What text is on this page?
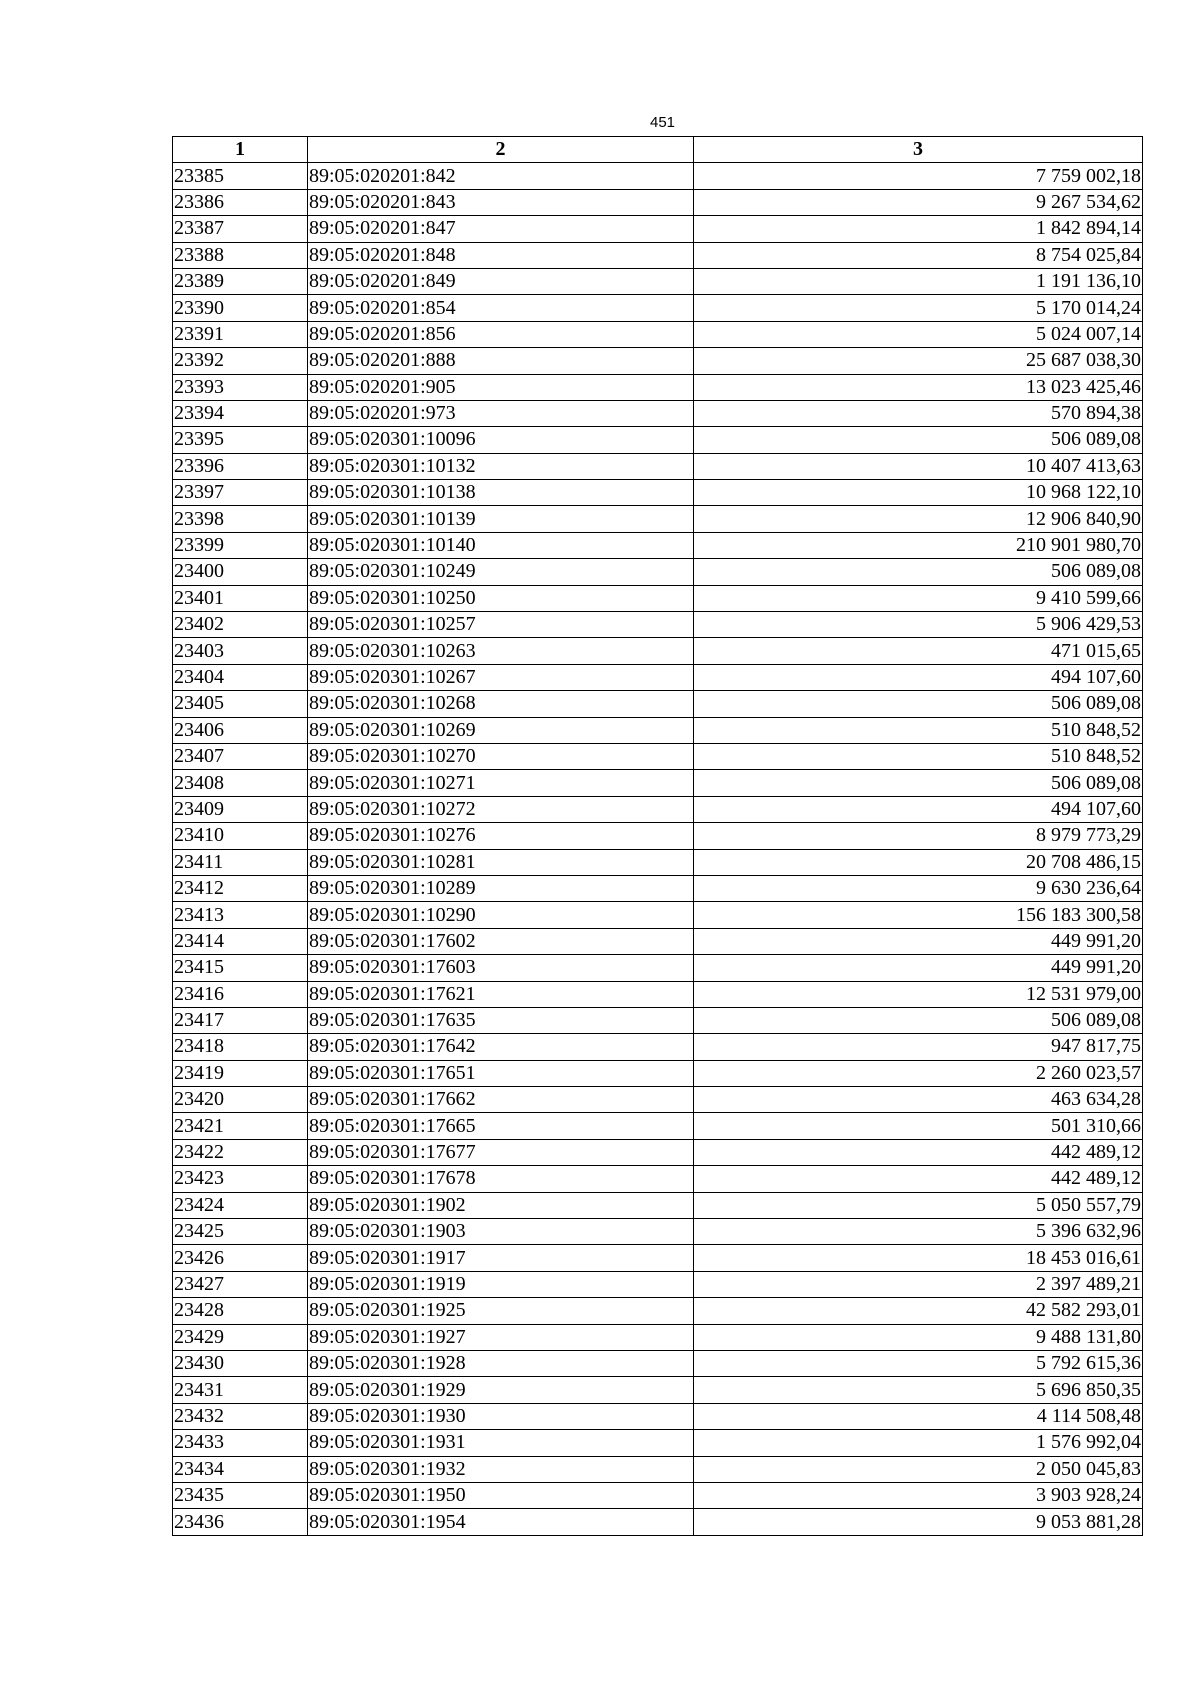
451
1	2	3
23385	89:05:020201:842	7 759 002,18
23386	89:05:020201:843	9 267 534,62
23387	89:05:020201:847	1 842 894,14
23388	89:05:020201:848	8 754 025,84
23389	89:05:020201:849	1 191 136,10
23390	89:05:020201:854	5 170 014,24
23391	89:05:020201:856	5 024 007,14
23392	89:05:020201:888	25 687 038,30
23393	89:05:020201:905	13 023 425,46
23394	89:05:020201:973	570 894,38
23395	89:05:020301:10096	506 089,08
23396	89:05:020301:10132	10 407 413,63
23397	89:05:020301:10138	10 968 122,10
23398	89:05:020301:10139	12 906 840,90
23399	89:05:020301:10140	210 901 980,70
23400	89:05:020301:10249	506 089,08
23401	89:05:020301:10250	9 410 599,66
23402	89:05:020301:10257	5 906 429,53
23403	89:05:020301:10263	471 015,65
23404	89:05:020301:10267	494 107,60
23405	89:05:020301:10268	506 089,08
23406	89:05:020301:10269	510 848,52
23407	89:05:020301:10270	510 848,52
23408	89:05:020301:10271	506 089,08
23409	89:05:020301:10272	494 107,60
23410	89:05:020301:10276	8 979 773,29
23411	89:05:020301:10281	20 708 486,15
23412	89:05:020301:10289	9 630 236,64
23413	89:05:020301:10290	156 183 300,58
23414	89:05:020301:17602	449 991,20
23415	89:05:020301:17603	449 991,20
23416	89:05:020301:17621	12 531 979,00
23417	89:05:020301:17635	506 089,08
23418	89:05:020301:17642	947 817,75
23419	89:05:020301:17651	2 260 023,57
23420	89:05:020301:17662	463 634,28
23421	89:05:020301:17665	501 310,66
23422	89:05:020301:17677	442 489,12
23423	89:05:020301:17678	442 489,12
23424	89:05:020301:1902	5 050 557,79
23425	89:05:020301:1903	5 396 632,96
23426	89:05:020301:1917	18 453 016,61
23427	89:05:020301:1919	2 397 489,21
23428	89:05:020301:1925	42 582 293,01
23429	89:05:020301:1927	9 488 131,80
23430	89:05:020301:1928	5 792 615,36
23431	89:05:020301:1929	5 696 850,35
23432	89:05:020301:1930	4 114 508,48
23433	89:05:020301:1931	1 576 992,04
23434	89:05:020301:1932	2 050 045,83
23435	89:05:020301:1950	3 903 928,24
23436	89:05:020301:1954	9 053 881,28
